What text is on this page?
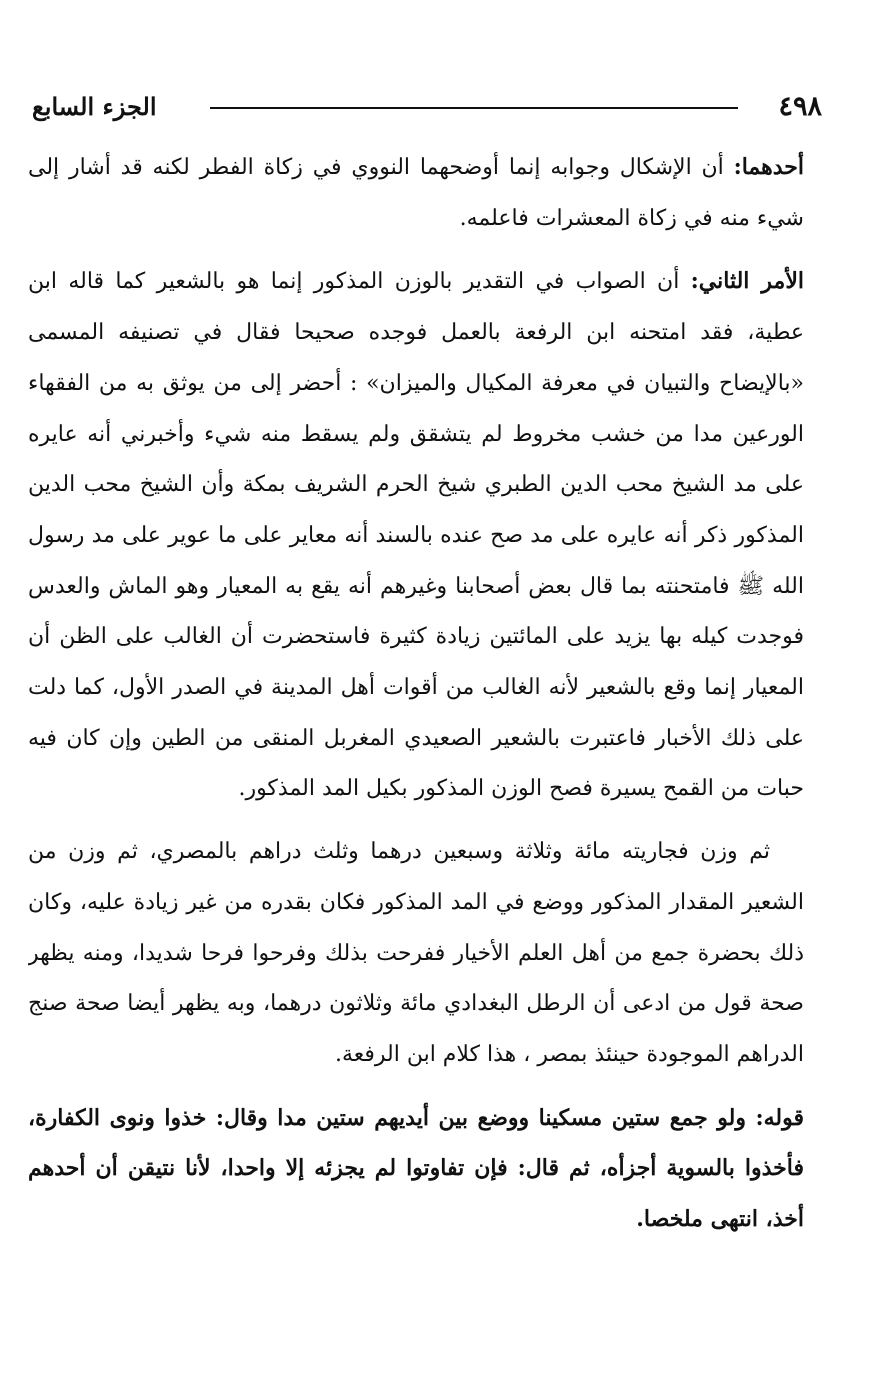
٤٩٨
الجزء السابع

أحدهما: أن الإشكال وجوابه إنما أوضحهما النووي في زكاة الفطر لكنه قد أشار إلى شيء منه في زكاة المعشرات فاعلمه.

الأمر الثاني: أن الصواب في التقدير بالوزن المذكور إنما هو بالشعير كما قاله ابن عطية، فقد امتحنه ابن الرفعة بالعمل فوجده صحيحا فقال في تصنيفه المسمى «بالإيضاح والتبيان في معرفة المكيال والميزان» : أحضر إلى من يوثق به من الفقهاء الورعين مدا من خشب مخروط لم يتشقق ولم يسقط منه شيء وأخبرني أنه عايره على مد الشيخ محب الدين الطبري شيخ الحرم الشريف بمكة وأن الشيخ محب الدين المذكور ذكر أنه عايره على مد صح عنده بالسند أنه معاير على ما عوير على مد رسول الله ﷺ فامتحنته بما قال بعض أصحابنا وغيرهم أنه يقع به المعيار وهو الماش والعدس فوجدت كيله بها يزيد على المائتين زيادة كثيرة فاستحضرت أن الغالب على الظن أن المعيار إنما وقع بالشعير لأنه الغالب من أقوات أهل المدينة في الصدر الأول، كما دلت على ذلك الأخبار فاعتبرت بالشعير الصعيدي المغربل المنقى من الطين وإن كان فيه حبات من القمح يسيرة فصح الوزن المذكور بكيل المد المذكور.

ثم وزن فجاريته مائة وثلاثة وسبعين درهما وثلث دراهم بالمصري، ثم وزن من الشعير المقدار المذكور ووضع في المد المذكور فكان بقدره من غير زيادة عليه، وكان ذلك بحضرة جمع من أهل العلم الأخيار ففرحت بذلك وفرحوا فرحا شديدا، ومنه يظهر صحة قول من ادعى أن الرطل البغدادي مائة وثلاثون درهما، وبه يظهر أيضا صحة صنج الدراهم الموجودة حينئذ بمصر ، هذا كلام ابن الرفعة.

قوله: ولو جمع ستين مسكينا ووضع بين أيديهم ستين مدا وقال: خذوا ونوى الكفارة، فأخذوا بالسوية أجزأه، ثم قال: فإن تفاوتوا لم يجزئه إلا واحدا، لأنا نتيقن أن أحدهم أخذ، انتهى ملخصا.
